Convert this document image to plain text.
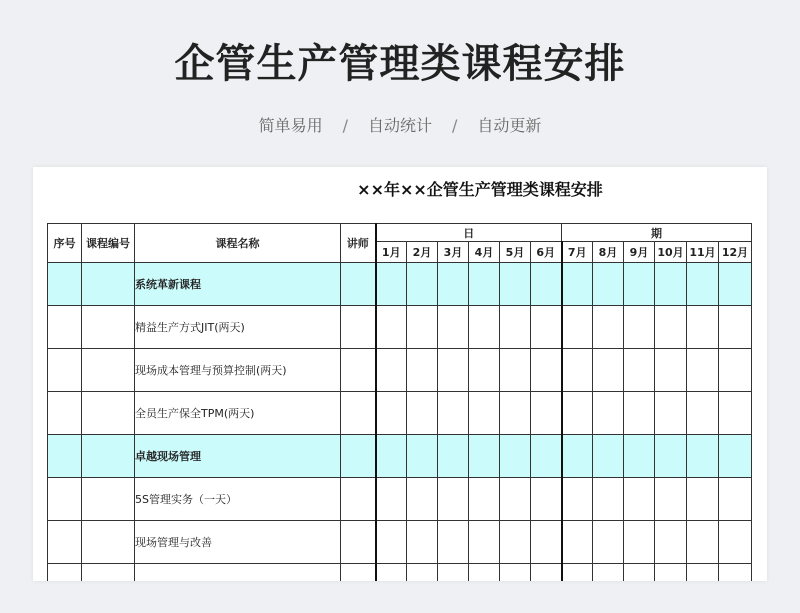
企管生产管理类课程安排
简单易用 / 自动统计 / 自动更新
××年××企管生产管理类课程安排
序号	课程编号	课程名称	讲师	日						期					
				1月	2月	3月	4月	5月	6月	7月	8月	9月	10月	11月	12月
		系统革新课程													
		精益生产方式JIT(两天)													
		现场成本管理与预算控制(两天)													
		全员生产保全TPM(两天)													
		卓越现场管理													
		5S管理实务（一天）													
		现场管理与改善													
